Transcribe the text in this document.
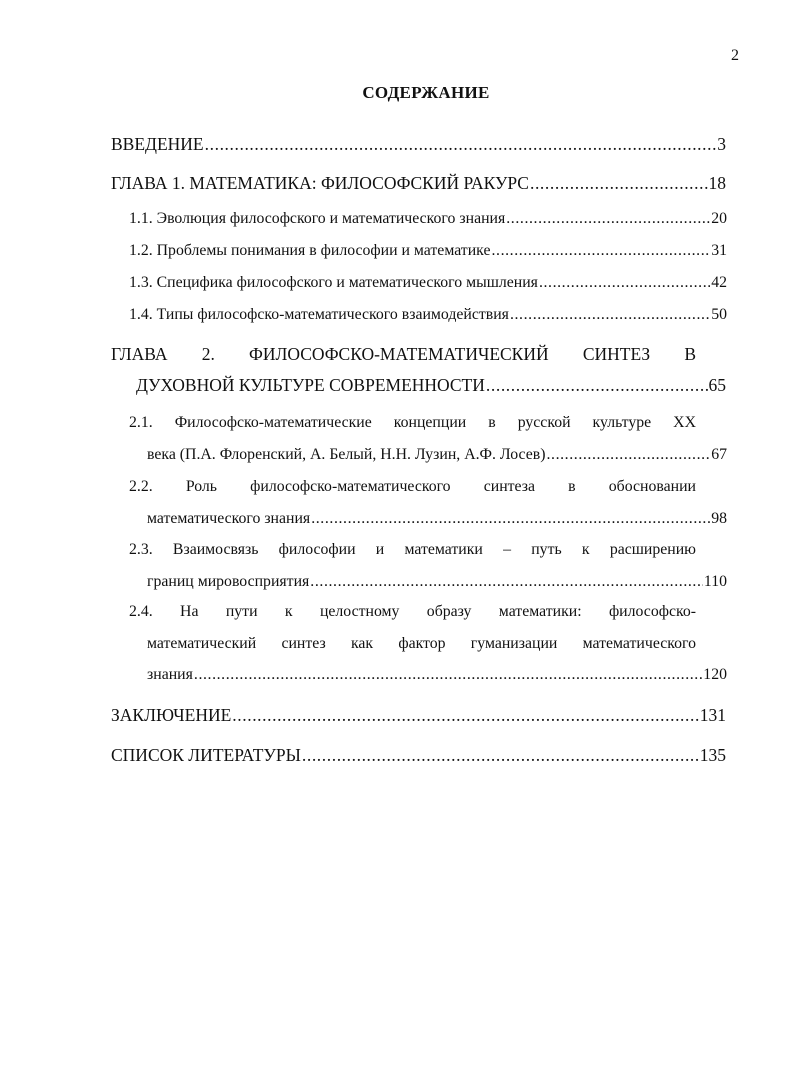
2
СОДЕРЖАНИЕ
ВВЕДЕНИЕ .....	3
ГЛАВА 1. МАТЕМАТИКА: ФИЛОСОФСКИЙ РАКУРС .....	18
1.1. Эволюция философского и математического знания .....	20
1.2. Проблемы понимания в философии и математике .....	31
1.3. Специфика философского и математического мышления .....	42
1.4. Типы философско-математического взаимодействия .....	50
ГЛАВА 2. ФИЛОСОФСКО-МАТЕМАТИЧЕСКИЙ СИНТЕЗ В
ДУХОВНОЙ КУЛЬТУРЕ СОВРЕМЕННОСТИ .....	65
2.1. Философско-математические концепции в русской культуре XX
века (П.А. Флоренский, А. Белый, Н.Н. Лузин, А.Ф. Лосев) .....	67
2.2. Роль философско-математического синтеза в обосновании
математического знания .....	98
2.3. Взаимосвязь философии и математики – путь к расширению
границ мировосприятия .....	110
2.4. На пути к целостному образу математики: философско-
математический синтез как фактор гуманизации математического
знания .....	120
ЗАКЛЮЧЕНИЕ .....	131
СПИСОК ЛИТЕРАТУРЫ .....	135
